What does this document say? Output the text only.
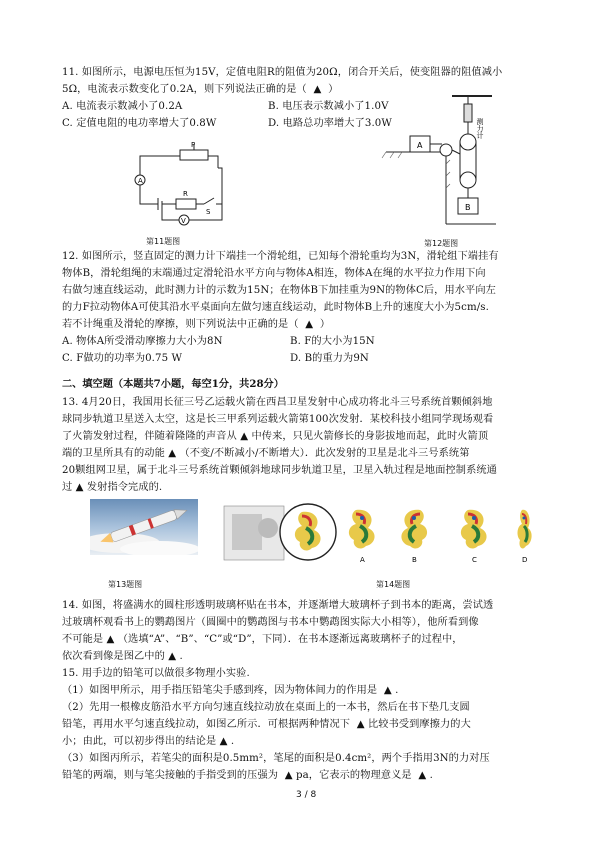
11. 如图所示，电源电压恒为15V，定值电阻R的阻值为20Ω，闭合开关后，使变阻器的阻值减小
5Ω，电流表示数变化了0.2A，则下列说法正确的是（  ▲  ）
A. 电流表示数减小了0.2A	B. 电压表示数减小了1.0V
C. 定值电阻的电功率增大了0.8W	D. 电路总功率增大了3.0W
A
V
R
P
S
第11题图
A
B
测力计
第12题图
12. 如图所示，竖直固定的测力计下端挂一个滑轮组，已知每个滑轮重均为3N，滑轮组下端挂有
物体B，滑轮组绳的末端通过定滑轮沿水平方向与物体A相连，物体A在绳的水平拉力作用下向
右做匀速直线运动，此时测力计的示数为15N；在物体B下加挂重为9N的物体C后，用水平向左
的力F拉动物体A可使其沿水平桌面向左做匀速直线运动，此时物体B上升的速度大小为5cm/s.
若不计绳重及滑轮的摩擦，则下列说法中正确的是（  ▲  ）
A. 物体A所受滑动摩擦力大小为8N	B. F的大小为15N
C. F做功的功率为0.75 W	D. B的重力为9N
二、填空题（本题共7小题，每空1分，共28分）
13. 4月20日，我国用长征三号乙运载火箭在西昌卫星发射中心成功将北斗三号系统首颗倾斜地
球同步轨道卫星送入太空，这是长三甲系列运载火箭第100次发射．某校科技小组同学现场观看
了火箭发射过程，伴随着隆隆的声音从 ▲ 中传来，只见火箭修长的身影拔地而起，此时火箭顶
端的卫星所具有的动能 ▲ （不变/不断减小/不断增大）．此次发射的卫星是北斗三号系统第
20颗组网卫星，属于北斗三号系统首颗倾斜地球同步轨道卫星，卫星入轨过程是地面控制系统通
过 ▲ 发射指令完成的.
第13题图
A	B	C	D
第14题图
14. 如图，将盛满水的圆柱形透明玻璃杯贴在书本，并逐渐增大玻璃杯子到书本的距离，尝试透
过玻璃杯观看书上的鹦鹉图片（圆圈中的鹦鹉图与书本中鹦鹉图实际大小相等），他所看到像
不可能是 ▲ （选填“A”、“B”、“C”或“D”，下同）．在书本逐渐远离玻璃杯子的过程中，
依次看到像是图乙中的 ▲ .
15. 用手边的铅笔可以做很多物理小实验.
（1）如图甲所示，用手指压铅笔尖手感到疼，因为物体间力的作用是  ▲ .
（2）先用一根橡皮筋沿水平方向匀速直线拉动放在桌面上的一本书，然后在书下垫几支圆
铅笔，再用水平匀速直线拉动，如图乙所示．可根据两种情况下  ▲ 比较书受到摩擦力的大
小；由此，可以初步得出的结论是 ▲ .
（3）如图丙所示，若笔尖的面积是0.5mm²，笔尾的面积是0.4cm²，两个手指用3N的力对压
铅笔的两端，则与笔尖接触的手指受到的压强为  ▲ pa，它表示的物理意义是  ▲ .
3 / 8
